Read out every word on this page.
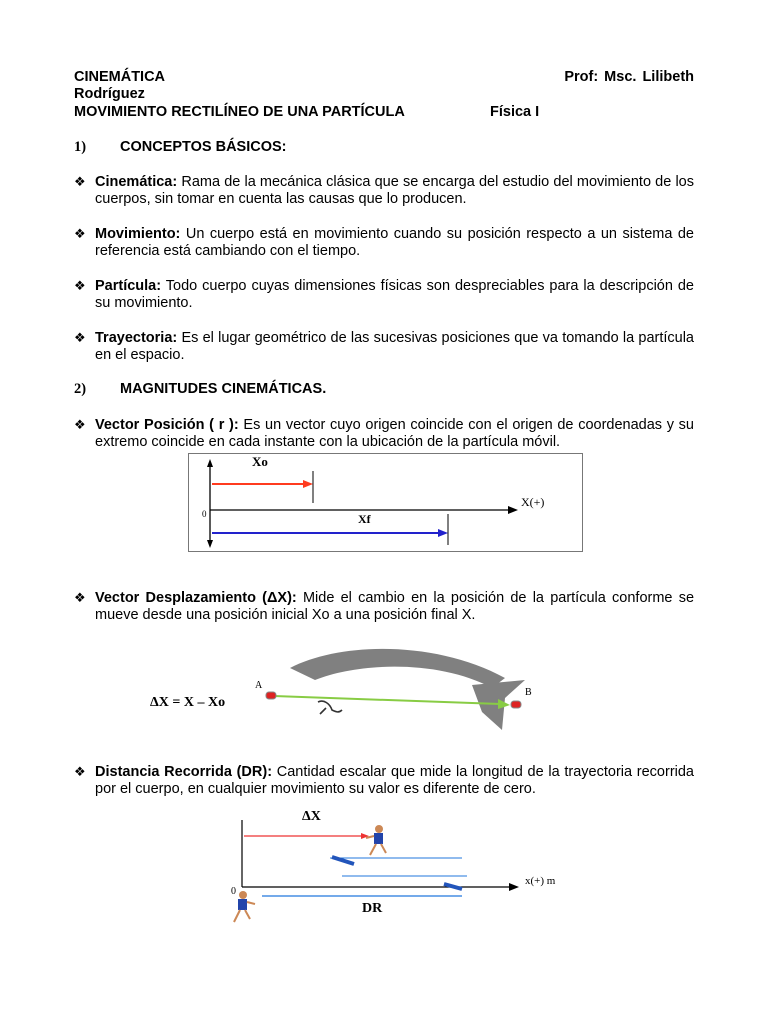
CINEMÁTICA	Prof: Msc. Lilibeth
Rodríguez
MOVIMIENTO RECTILÍNEO DE UNA PARTÍCULA	Física I
1) CONCEPTOS BÁSICOS:
❖ Cinemática: Rama de la mecánica clásica que se encarga del estudio del movimiento de los cuerpos, sin tomar en cuenta las causas que lo producen.
❖ Movimiento: Un cuerpo está en movimiento cuando su posición respecto a un sistema de referencia está cambiando con el tiempo.
❖ Partícula: Todo cuerpo cuyas dimensiones físicas son despreciables para la descripción de su movimiento.
❖ Trayectoria: Es el lugar geométrico de las sucesivas posiciones que va tomando la partícula en el espacio.
2) MAGNITUDES CINEMÁTICAS.
❖ Vector Posición ( r ): Es un vector cuyo origen coincide con el origen de coordenadas y su extremo coincide en cada instante con la ubicación de la partícula móvil.
X(+)
0
Xo
Xf
❖ Vector Desplazamiento (ΔX): Mide el cambio en la posición de la partícula conforme se mueve desde una posición inicial Xo a una posición final X.
ΔX = X – Xo
A
B
❖ Distancia Recorrida (DR): Cantidad escalar que mide la longitud de la trayectoria recorrida por el cuerpo, en cualquier movimiento su valor es diferente de cero.
x(+) m
0
ΔX
DR
